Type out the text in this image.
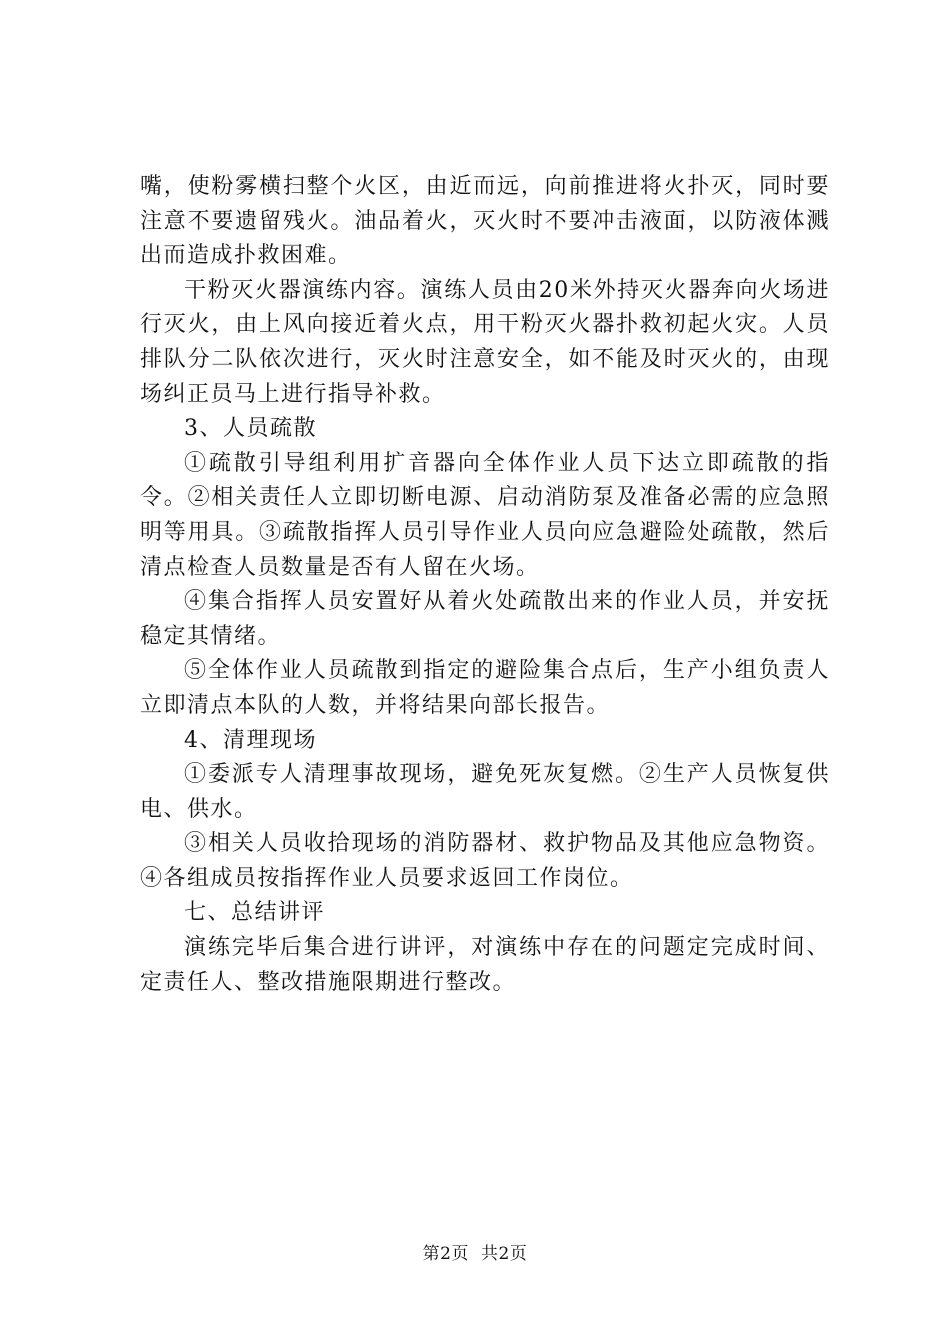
嘴，使粉雾横扫整个火区，由近而远，向前推进将火扑灭，同时要注意不要遗留残火。油品着火，灭火时不要冲击液面，以防液体溅出而造成扑救困难。

干粉灭火器演练内容。演练人员由20米外持灭火器奔向火场进行灭火，由上风向接近着火点，用干粉灭火器扑救初起火灾。人员排队分二队依次进行，灭火时注意安全，如不能及时灭火的，由现场纠正员马上进行指导补救。

3、人员疏散

①疏散引导组利用扩音器向全体作业人员下达立即疏散的指令。②相关责任人立即切断电源、启动消防泵及准备必需的应急照明等用具。③疏散指挥人员引导作业人员向应急避险处疏散，然后清点检查人员数量是否有人留在火场。

④集合指挥人员安置好从着火处疏散出来的作业人员，并安抚稳定其情绪。

⑤全体作业人员疏散到指定的避险集合点后，生产小组负责人立即清点本队的人数，并将结果向部长报告。

4、清理现场

①委派专人清理事故现场，避免死灰复燃。②生产人员恢复供电、供水。

③相关人员收拾现场的消防器材、救护物品及其他应急物资。④各组成员按指挥作业人员要求返回工作岗位。

七、总结讲评

演练完毕后集合进行讲评，对演练中存在的问题定完成时间、定责任人、整改措施限期进行整改。

第2页 共2页
